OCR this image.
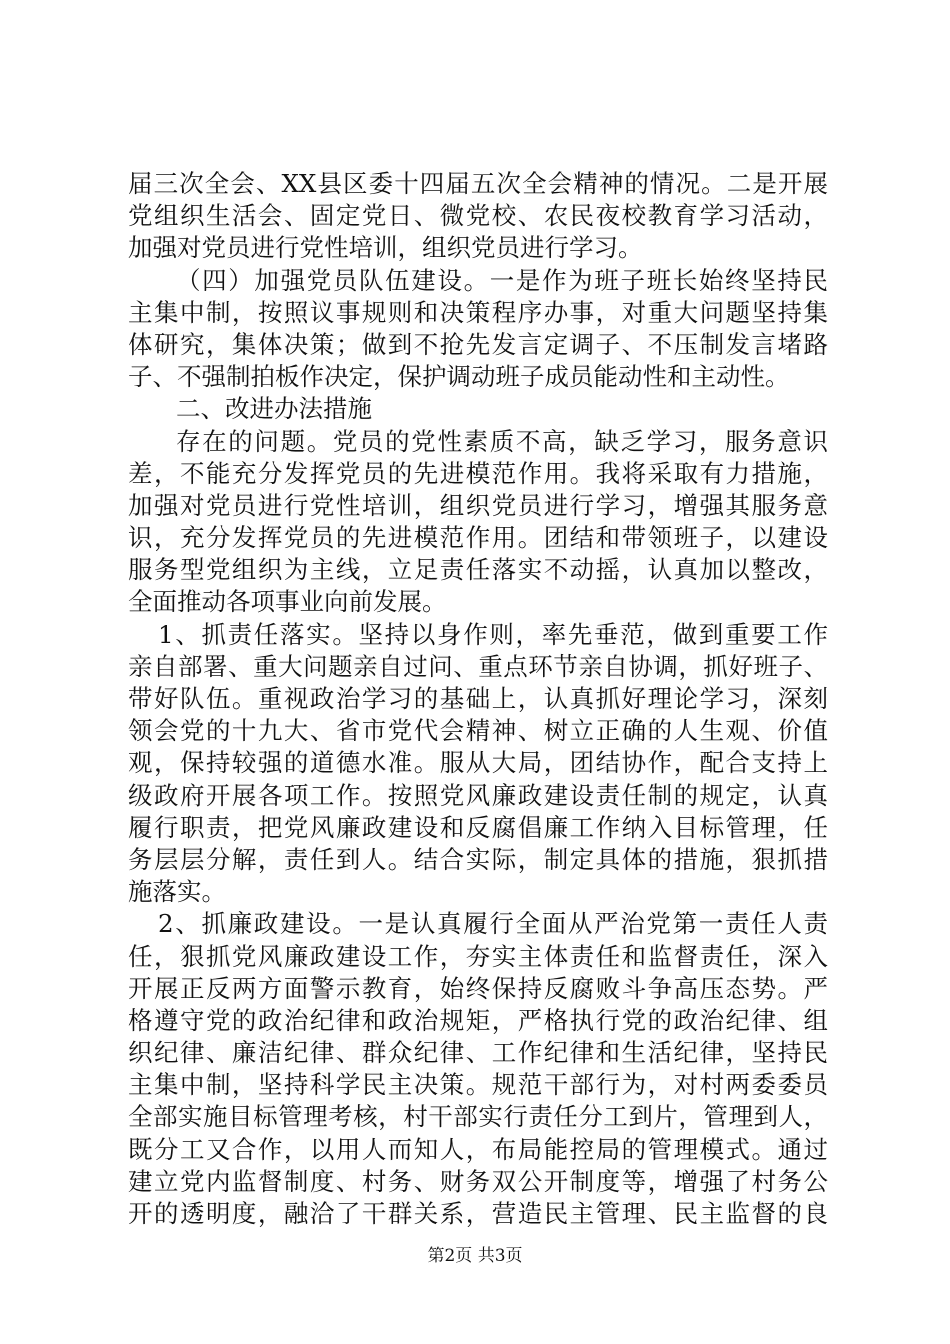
届三次全会、XX县区委十四届五次全会精神的情况。二是开展
党组织生活会、固定党日、微党校、农民夜校教育学习活动，
加强对党员进行党性培训，组织党员进行学习。
（四）加强党员队伍建设。一是作为班子班长始终坚持民
主集中制，按照议事规则和决策程序办事，对重大问题坚持集
体研究，集体决策；做到不抢先发言定调子、不压制发言堵路
子、不强制拍板作决定，保护调动班子成员能动性和主动性。
二、改进办法措施
存在的问题。党员的党性素质不高，缺乏学习，服务意识
差，不能充分发挥党员的先进模范作用。我将采取有力措施，
加强对党员进行党性培训，组织党员进行学习，增强其服务意
识，充分发挥党员的先进模范作用。团结和带领班子，以建设
服务型党组织为主线，立足责任落实不动摇，认真加以整改，
全面推动各项事业向前发展。
1、抓责任落实。坚持以身作则，率先垂范，做到重要工作
亲自部署、重大问题亲自过问、重点环节亲自协调，抓好班子、
带好队伍。重视政治学习的基础上，认真抓好理论学习，深刻
领会党的十九大、省市党代会精神、树立正确的人生观、价值
观，保持较强的道德水准。服从大局，团结协作，配合支持上
级政府开展各项工作。按照党风廉政建设责任制的规定，认真
履行职责，把党风廉政建设和反腐倡廉工作纳入目标管理，任
务层层分解，责任到人。结合实际，制定具体的措施，狠抓措
施落实。
2、抓廉政建设。一是认真履行全面从严治党第一责任人责
任，狠抓党风廉政建设工作，夯实主体责任和监督责任，深入
开展正反两方面警示教育，始终保持反腐败斗争高压态势。严
格遵守党的政治纪律和政治规矩，严格执行党的政治纪律、组
织纪律、廉洁纪律、群众纪律、工作纪律和生活纪律，坚持民
主集中制，坚持科学民主决策。规范干部行为，对村两委委员
全部实施目标管理考核，村干部实行责任分工到片，管理到人，
既分工又合作，以用人而知人，布局能控局的管理模式。通过
建立党内监督制度、村务、财务双公开制度等，增强了村务公
开的透明度，融洽了干群关系，营造民主管理、民主监督的良
第2页 共3页
